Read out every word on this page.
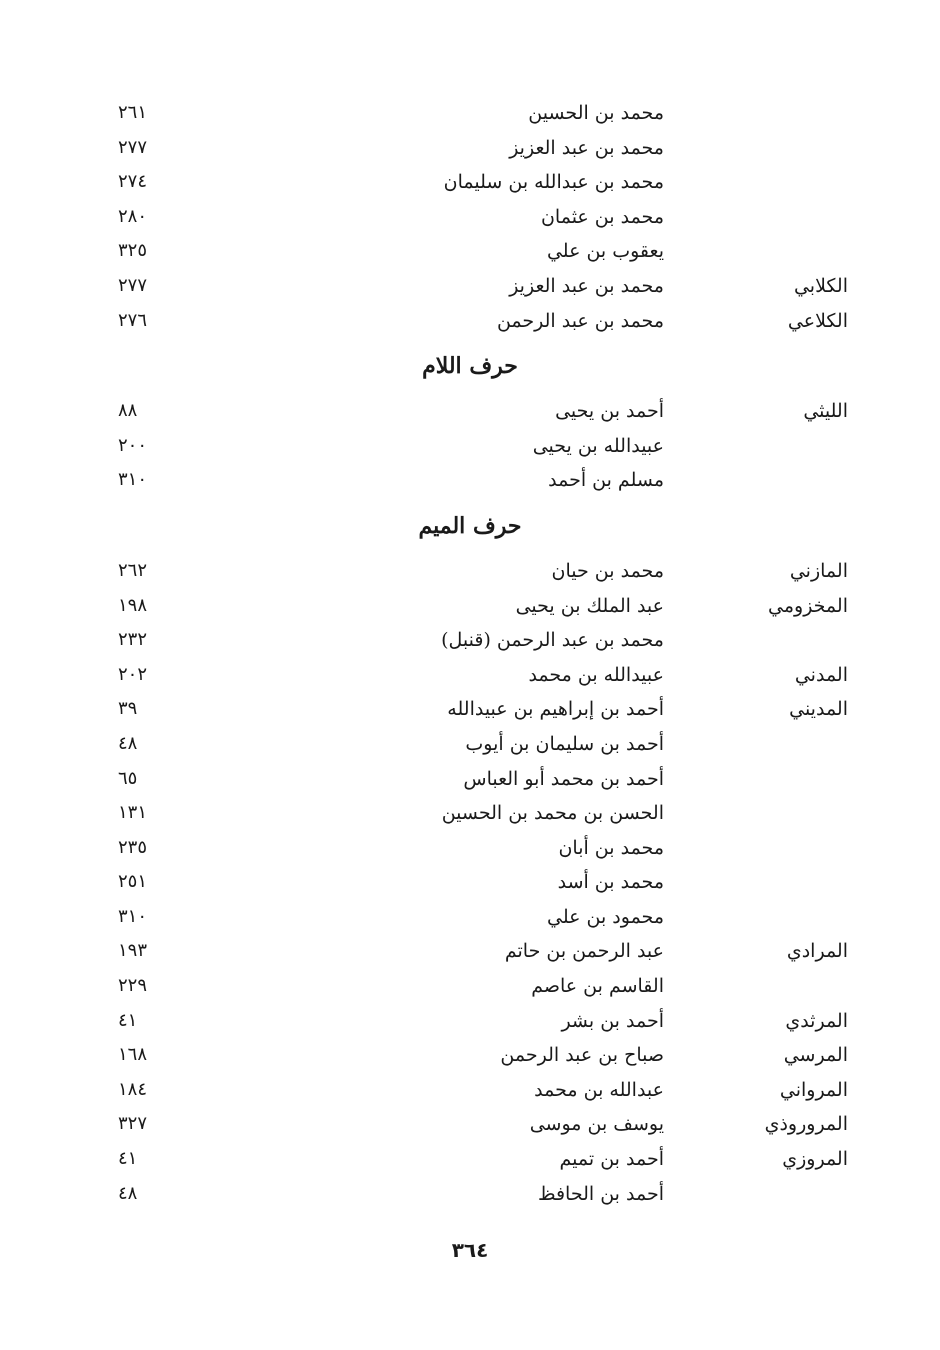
محمد بن الحسين
٢٦١
محمد بن عبد العزيز
٢٧٧
محمد بن عبدالله بن سليمان
٢٧٤
محمد بن عثمان
٢٨٠
يعقوب بن علي
٣٢٥
الكلابي
محمد بن عبد العزيز
٢٧٧
الكلاعي
محمد بن عبد الرحمن
٢٧٦
حرف اللام
الليثي
أحمد بن يحيى
٨٨
عبيدالله بن يحيى
٢٠٠
مسلم بن أحمد
٣١٠
حرف الميم
المازني
محمد بن حيان
٢٦٢
المخزومي
عبد الملك بن يحيى
١٩٨
محمد بن عبد الرحمن (قنبل)
٢٣٢
المدني
عبيدالله بن محمد
٢٠٢
المديني
أحمد بن إبراهيم بن عبيدالله
٣٩
أحمد بن سليمان بن أيوب
٤٨
أحمد بن محمد أبو العباس
٦٥
الحسن بن محمد بن الحسين
١٣١
محمد بن أبان
٢٣٥
محمد بن أسد
٢٥١
محمود بن علي
٣١٠
المرادي
عبد الرحمن بن حاتم
١٩٣
القاسم بن عاصم
٢٢٩
المرثدي
أحمد بن بشر
٤١
المرسي
صباح بن عبد الرحمن
١٦٨
المرواني
عبدالله بن محمد
١٨٤
المروروذي
يوسف بن موسى
٣٢٧
المروزي
أحمد بن تميم
٤١
أحمد بن الحافظ
٤٨
٣٦٤
